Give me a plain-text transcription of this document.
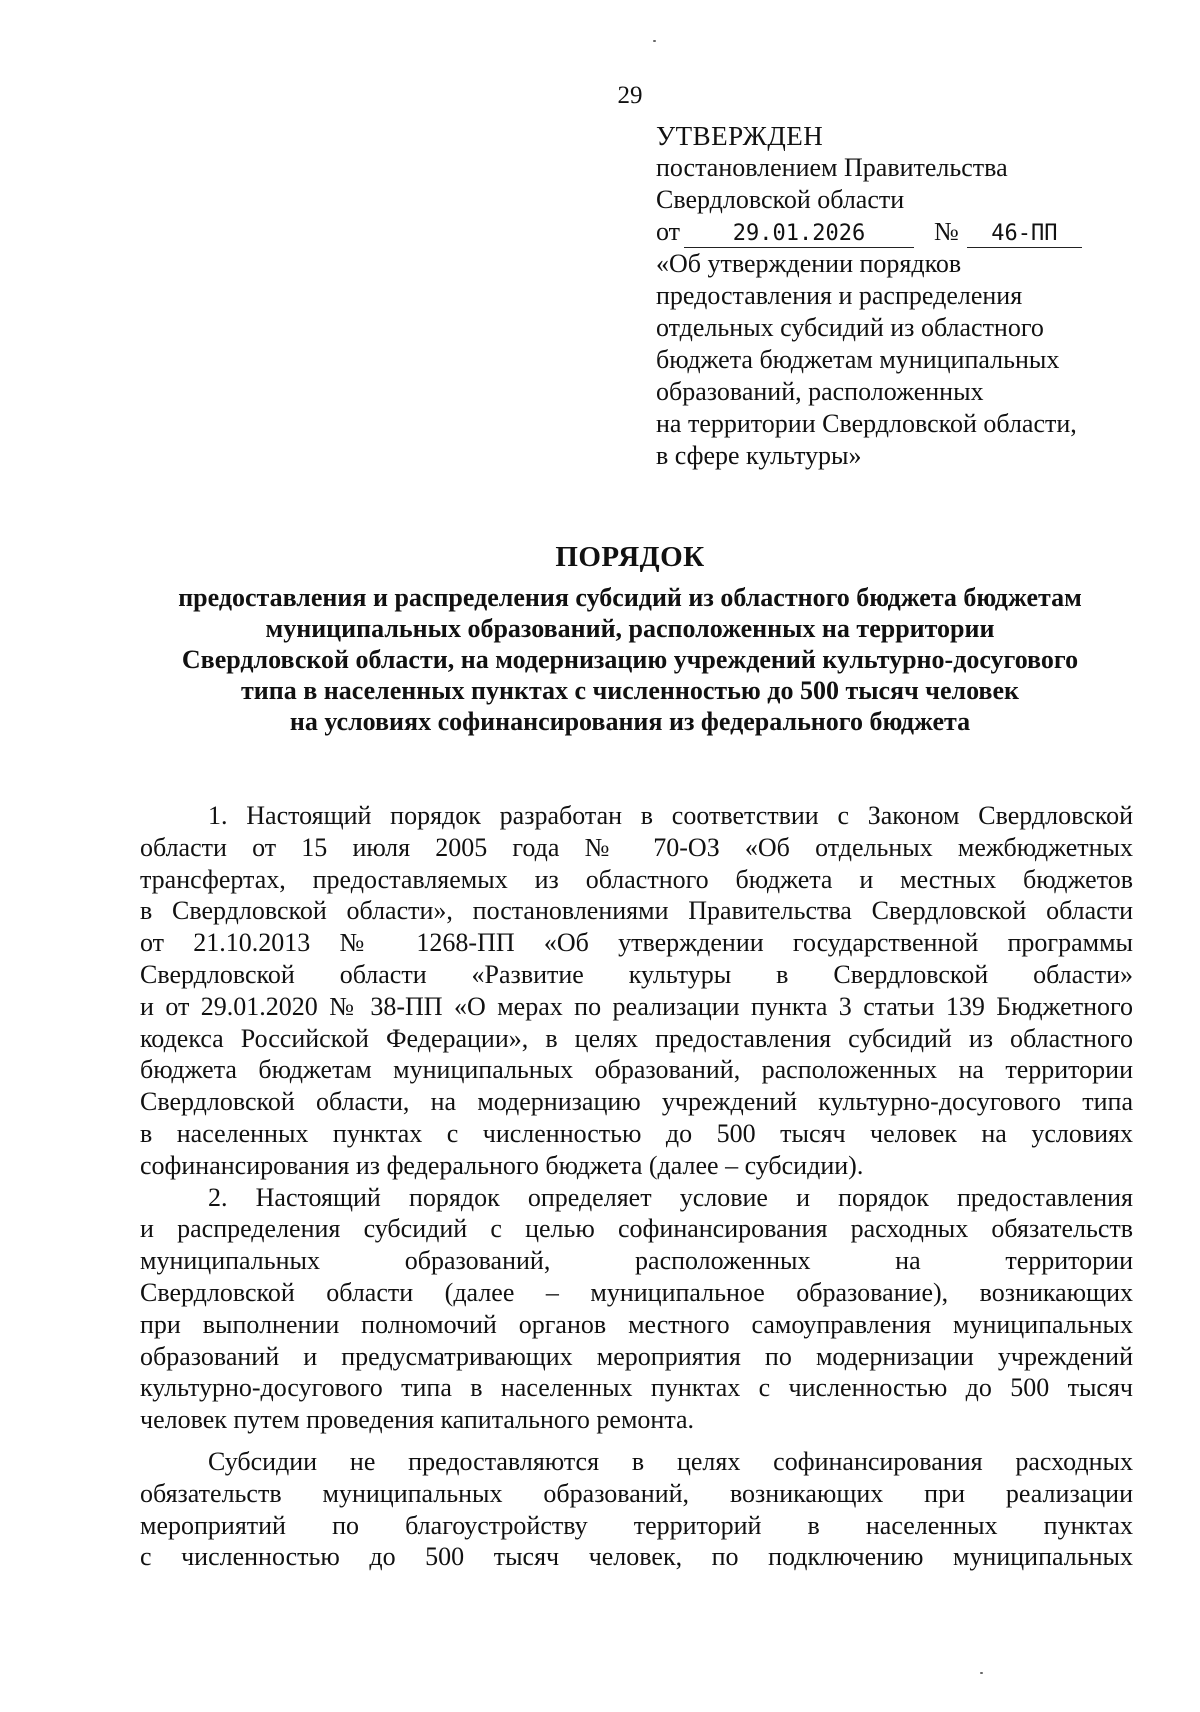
29
УТВЕРЖДЕН
постановлением Правительства
Свердловской области
от 29.01.2026	№ 46-ПП
«Об утверждении порядков
предоставления и распределения
отдельных субсидий из областного
бюджета бюджетам муниципальных
образований, расположенных
на территории Свердловской области,
в сфере культуры»
ПОРЯДОК
предоставления и распределения субсидий из областного бюджета бюджетам
муниципальных образований, расположенных на территории
Свердловской области, на модернизацию учреждений культурно-досугового
типа в населенных пунктах с численностью до 500 тысяч человек
на условиях софинансирования из федерального бюджета
1. Настоящий порядок разработан в соответствии с Законом Свердловской
области от 15 июля 2005 года № 70-ОЗ «Об отдельных межбюджетных
трансфертах, предоставляемых из областного бюджета и местных бюджетов
в Свердловской области», постановлениями Правительства Свердловской области
от 21.10.2013 № 1268-ПП «Об утверждении государственной программы
Свердловской области «Развитие культуры в Свердловской области»
и от 29.01.2020 № 38-ПП «О мерах по реализации пункта 3 статьи 139 Бюджетного
кодекса Российской Федерации», в целях предоставления субсидий из областного
бюджета бюджетам муниципальных образований, расположенных на территории
Свердловской области, на модернизацию учреждений культурно-досугового типа
в населенных пунктах с численностью до 500 тысяч человек на условиях
софинансирования из федерального бюджета (далее – субсидии).
2. Настоящий порядок определяет условие и порядок предоставления
и распределения субсидий с целью софинансирования расходных обязательств
муниципальных образований, расположенных на территории
Свердловской области (далее – муниципальное образование), возникающих
при выполнении полномочий органов местного самоуправления муниципальных
образований и предусматривающих мероприятия по модернизации учреждений
культурно-досугового типа в населенных пунктах с численностью до 500 тысяч
человек путем проведения капитального ремонта.
Субсидии не предоставляются в целях софинансирования расходных
обязательств муниципальных образований, возникающих при реализации
мероприятий по благоустройству территорий в населенных пунктах
с численностью до 500 тысяч человек, по подключению муниципальных
